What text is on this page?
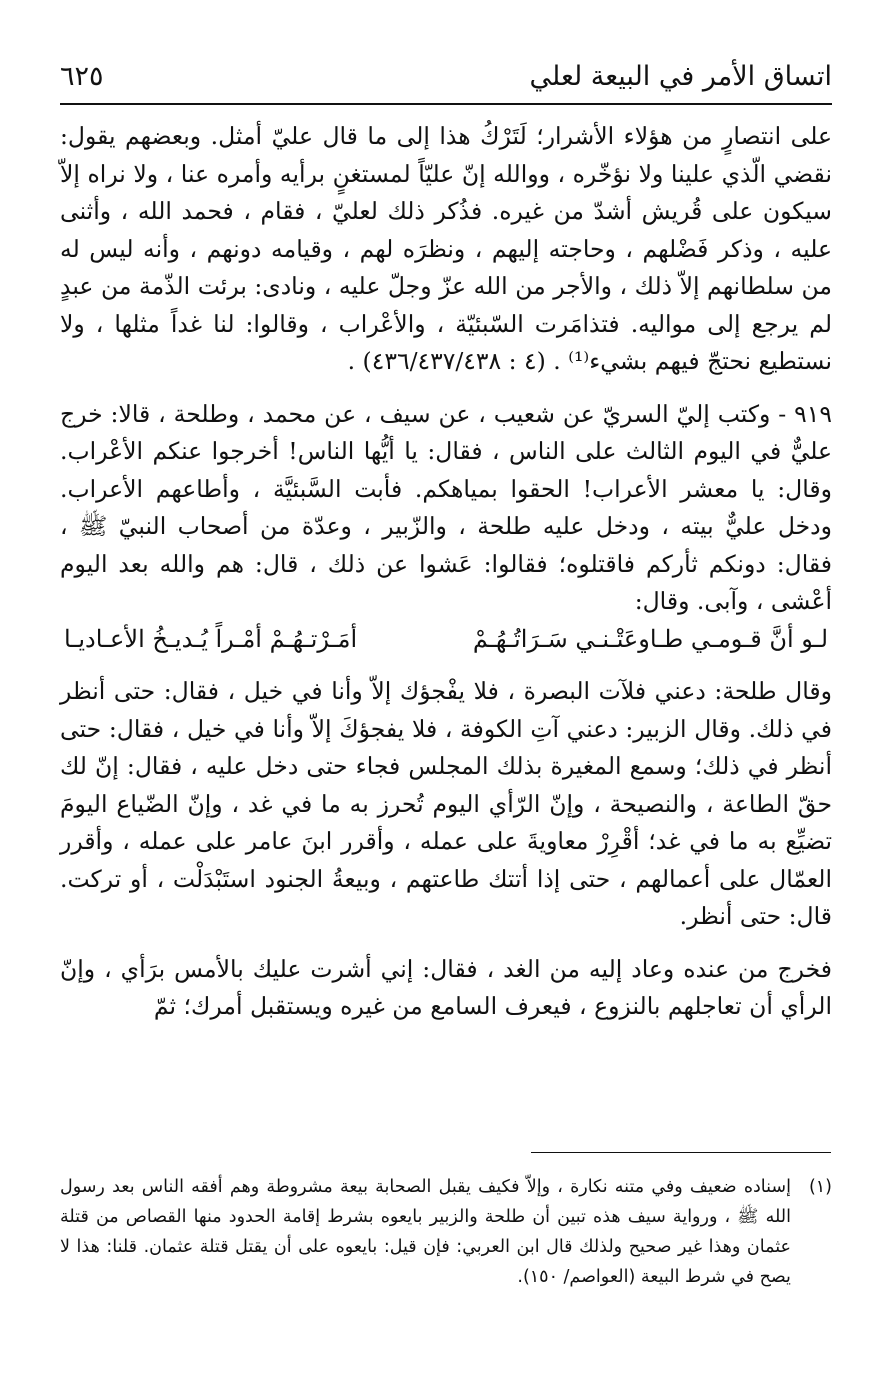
اتساق الأمر في البيعة لعلي
٦٢٥

على انتصارٍ من هؤلاء الأشرار؛ لَتَرْكُ هذا إلى ما قال عليّ أمثل. وبعضهم يقول: نقضي الّذي علينا ولا نؤخّره ، ووالله إنّ عليّاً لمستغنٍ برأيه وأمره عنا ، ولا نراه إلاّ سيكون على قُريش أشدّ من غيره. فذُكر ذلك لعليّ ، فقام ، فحمد الله ، وأثنى عليه ، وذكر فَضْلهم ، وحاجته إليهم ، ونظرَه لهم ، وقيامه دونهم ، وأنه ليس له من سلطانهم إلاّ ذلك ، والأجر من الله عزّ وجلّ عليه ، ونادى: برئت الذّمة من عبدٍ لم يرجع إلى مواليه. فتذامَرت السّبئيّة ، والأعْراب ، وقالوا: لنا غداً مثلها ، ولا نستطيع نحتجّ فيهم بشيء⁽¹⁾ . (٤ : ٤٣٦/٤٣٧/٤٣٨) .

٩١٩ - وكتب إليّ السريّ عن شعيب ، عن سيف ، عن محمد ، وطلحة ، قالا: خرج عليٌّ في اليوم الثالث على الناس ، فقال: يا أيُّها الناس! أخرجوا عنكم الأعْراب. وقال: يا معشر الأعراب! الحقوا بمياهكم. فأبت السَّبئيَّة ، وأطاعهم الأعراب. ودخل عليٌّ بيته ، ودخل عليه طلحة ، والزّبير ، وعدّة من أصحاب النبيّ ﷺ ، فقال: دونكم ثأركم فاقتلوه؛ فقالوا: عَشوا عن ذلك ، قال: هم والله بعد اليوم أعْشى ، وآبى. وقال:

لـو أنَّ قـومـي طـاوعَتْـنـي سَـرَاتُـهُـمْ
أمَـرْتـهُـمْ أمْـراً يُـديـخُ الأعـاديـا

وقال طلحة: دعني فلآت البصرة ، فلا يفْجؤك إلاّ وأنا في خيل ، فقال: حتى أنظر في ذلك. وقال الزبير: دعني آتِ الكوفة ، فلا يفجؤكَ إلاّ وأنا في خيل ، فقال: حتى أنظر في ذلك؛ وسمع المغيرة بذلك المجلس فجاء حتى دخل عليه ، فقال: إنّ لك حقّ الطاعة ، والنصيحة ، وإنّ الرّأي اليوم تُحرز به ما في غد ، وإنّ الضّياع اليومَ تضيِّع به ما في غد؛ أقْرِرْ معاويةَ على عمله ، وأقرر ابنَ عامر على عمله ، وأقرر العمّال على أعمالهم ، حتى إذا أتتك طاعتهم ، وبيعةُ الجنود استَبْدَلْت ، أو تركت. قال: حتى أنظر.

فخرج من عنده وعاد إليه من الغد ، فقال: إني أشرت عليك بالأمس برَأي ، وإنّ الرأي أن تعاجلهم بالنزوع ، فيعرف السامع من غيره ويستقبل أمرك؛ ثمّ

(١)
إسناده ضعيف وفي متنه نكارة ، وإلاّ فكيف يقبل الصحابة بيعة مشروطة وهم أفقه الناس بعد رسول الله ﷺ ، ورواية سيف هذه تبين أن طلحة والزبير بايعوه بشرط إقامة الحدود منها القصاص من قتلة عثمان وهذا غير صحيح ولذلك قال ابن العربي: فإن قيل: بايعوه على أن يقتل قتلة عثمان. قلنا: هذا لا يصح في شرط البيعة (العواصم/ ١٥٠).
